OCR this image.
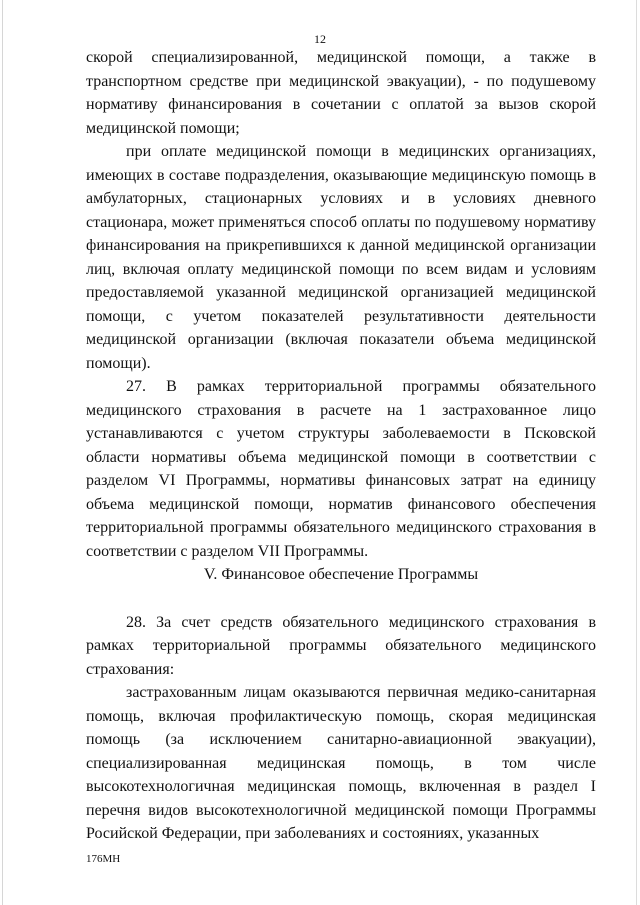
12

скорой специализированной, медицинской помощи, а также в транспортном средстве при медицинской эвакуации), - по подушевому нормативу финансирования в сочетании с оплатой за вызов скорой медицинской помощи;

при оплате медицинской помощи в медицинских организациях, имеющих в составе подразделения, оказывающие медицинскую помощь в амбулаторных, стационарных условиях и в условиях дневного стационара, может применяться способ оплаты по подушевому нормативу финансирования на прикрепившихся к данной медицинской организации лиц, включая оплату медицинской помощи по всем видам и условиям предоставляемой указанной медицинской организацией медицинской помощи, с учетом показателей результативности деятельности медицинской организации (включая показатели объема медицинской помощи).

27. В рамках территориальной программы обязательного медицинского страхования в расчете на 1 застрахованное лицо устанавливаются с учетом структуры заболеваемости в Псковской области нормативы объема медицинской помощи в соответствии с разделом VI Программы, нормативы финансовых затрат на единицу объема медицинской помощи, норматив финансового обеспечения территориальной программы обязательного медицинского страхования в соответствии с разделом VII Программы.

V. Финансовое обеспечение Программы

28. За счет средств обязательного медицинского страхования в рамках территориальной программы обязательного медицинского страхования:

застрахованным лицам оказываются первичная медико-санитарная помощь, включая профилактическую помощь, скорая медицинская помощь (за исключением санитарно-авиационной эвакуации), специализированная медицинская помощь, в том числе высокотехнологичная медицинская помощь, включенная в раздел I перечня видов высокотехнологичной медицинской помощи Программы Росийской Федерации, при заболеваниях и состояниях, указанных

176МН
